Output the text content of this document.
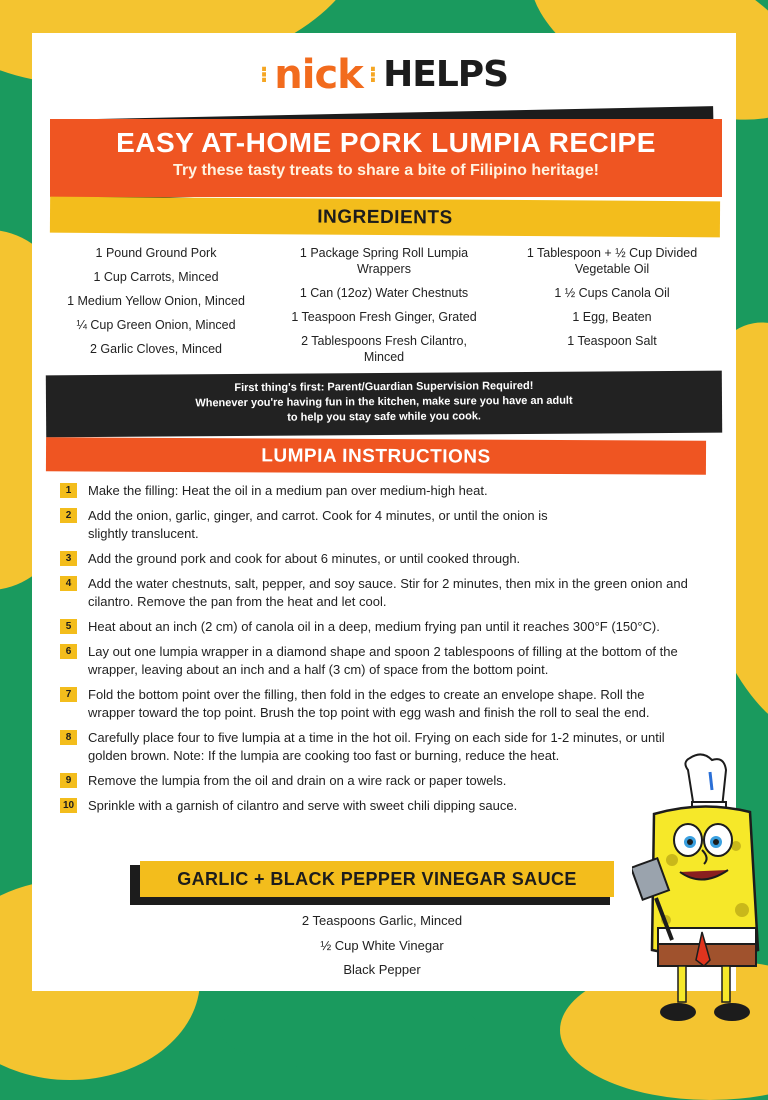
⁝ nick ⁝ HELPS
EASY AT-HOME PORK LUMPIA RECIPE
Try these tasty treats to share a bite of Filipino heritage!
INGREDIENTS
1 Pound Ground Pork
1 Cup Carrots, Minced
1 Medium Yellow Onion, Minced
¼ Cup Green Onion, Minced
2 Garlic Cloves, Minced
1 Package Spring Roll Lumpia Wrappers
1 Can (12oz) Water Chestnuts
1 Teaspoon Fresh Ginger, Grated
2 Tablespoons Fresh Cilantro, Minced
1 Tablespoon + ½ Cup Divided Vegetable Oil
1 ½ Cups Canola Oil
1 Egg, Beaten
1 Teaspoon Salt
First thing's first: Parent/Guardian Supervision Required!
Whenever you're having fun in the kitchen, make sure you have an adult
to help you stay safe while you cook.
LUMPIA INSTRUCTIONS
1	Make the filling: Heat the oil in a medium pan over medium-high heat.
2	Add the onion, garlic, ginger, and carrot. Cook for 4 minutes, or until the onion is slightly translucent.
3	Add the ground pork and cook for about 6 minutes, or until cooked through.
4	Add the water chestnuts, salt, pepper, and soy sauce. Stir for 2 minutes, then mix in the green onion and cilantro. Remove the pan from the heat and let cool.
5	Heat about an inch (2 cm) of canola oil in a deep, medium frying pan until it reaches 300°F (150°C).
6	Lay out one lumpia wrapper in a diamond shape and spoon 2 tablespoons of filling at the bottom of the wrapper, leaving about an inch and a half (3 cm) of space from the bottom point.
7	Fold the bottom point over the filling, then fold in the edges to create an envelope shape. Roll the wrapper toward the top point. Brush the top point with egg wash and finish the roll to seal the end.
8	Carefully place four to five lumpia at a time in the hot oil. Frying on each side for 1-2 minutes, or until golden brown. Note: If the lumpia are cooking too fast or burning, reduce the heat.
9	Remove the lumpia from the oil and drain on a wire rack or paper towels.
10 Sprinkle with a garnish of cilantro and serve with sweet chili dipping sauce.
GARLIC + BLACK PEPPER VINEGAR SAUCE
2 Teaspoons Garlic, Minced
½ Cup White Vinegar
Black Pepper
